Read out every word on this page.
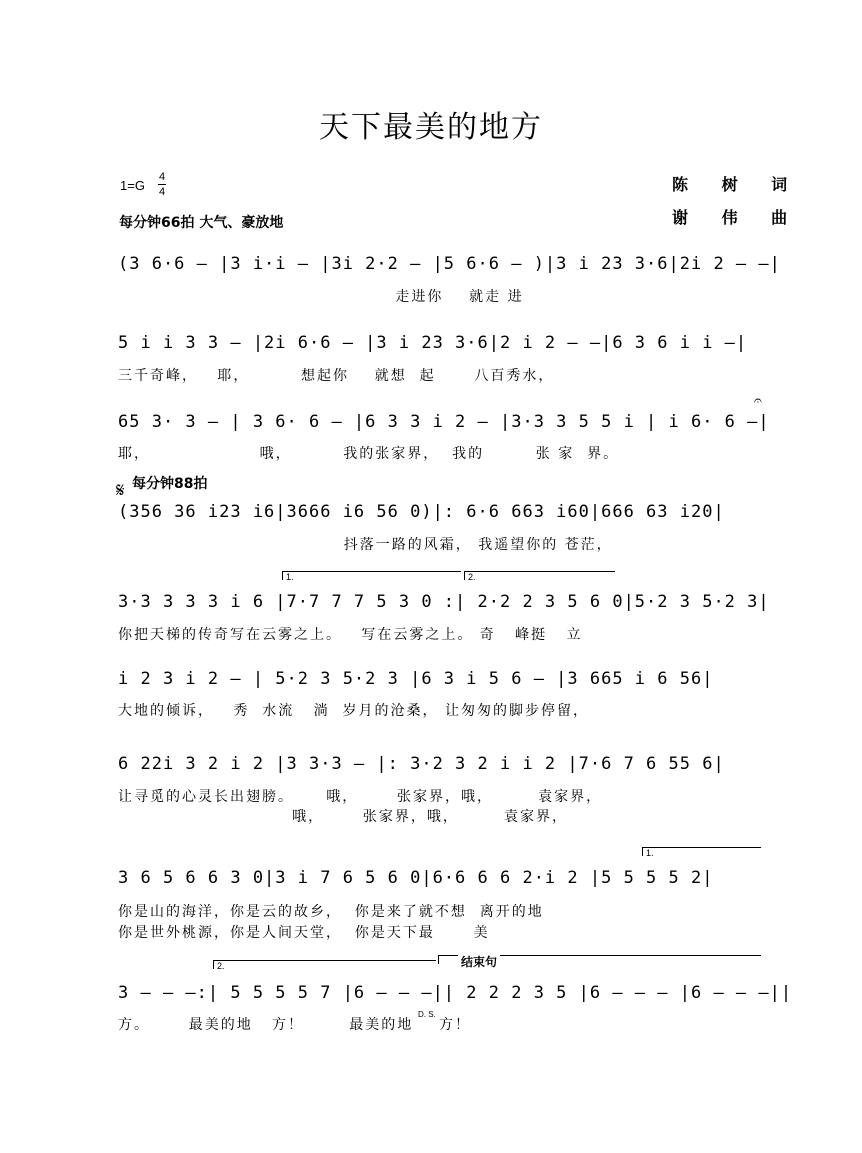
天下最美的地方
1=G
4
4
每分钟66拍 大气、豪放地
陈 树 词
谢 伟 曲
(3 6·6 – |3 i·i – |3i 2·2 – |5 6·6 – )|3 i 23 3·6|2i 2 – –|
走进你    就走 进
5 i i 3 3 – |2i 6·6 – |3 i 23 3·6|2 i 2 – –|6 3 6 i i –|
三千奇峰，   耶，        想起你    就想  起      八百秀水，
𝄐
65 3· 3 – | 3 6· 6 – |6 3 3 i 2 – |3·3 3 5 5 i | i 6· 6 –|
耶，                 哦，        我的张家界，  我的        张 家  界。
𝄋 每分钟88拍
(356 36 i23 i6|3666 i6 56 0)|: 6·6 663 i60|666 63 i20|
抖落一路的风霜， 我遥望你的 苍茫，
1.	2.
3·3 3 3 3 i 6 |7·7 7 7 5 3 0 :| 2·2 2 3 5 6 0|5·2 3 5·2 3|
你把天梯的传奇写在云雾之上。   写在云雾之上。 奇   峰挺   立
i 2 3 i 2 – | 5·2 3 5·2 3 |6 3 i 5 6 – |3 665 i 6 56|
大地的倾诉，   秀  水流   淌  岁月的沧桑， 让匆匆的脚步停留，
6 22i 3 2 i 2 |3 3·3 – |: 3·2 3 2 i i 2 |7·6 7 6 55 6|
让寻觅的心灵长出翅膀。     哦，      张家界，哦，       袁家界，
哦，      张家界，哦，       袁家界，
1.
3 6 5 6 6 3 0|3 i 7 6 5 6 0|6·6 6 6 2·i 2 |5 5 5 5 2|
你是山的海洋，你是云的故乡，  你是来了就不想  离开的地
你是世外桃源，你是人间天堂，  你是天下最      美
2.	结束句
3 – – –:| 5 5 5 5 7 |6 – – –|| 2 2 2 3 5 |6 – – – |6 – – –||
D. S.
方。      最美的地   方！       最美的地    方！
